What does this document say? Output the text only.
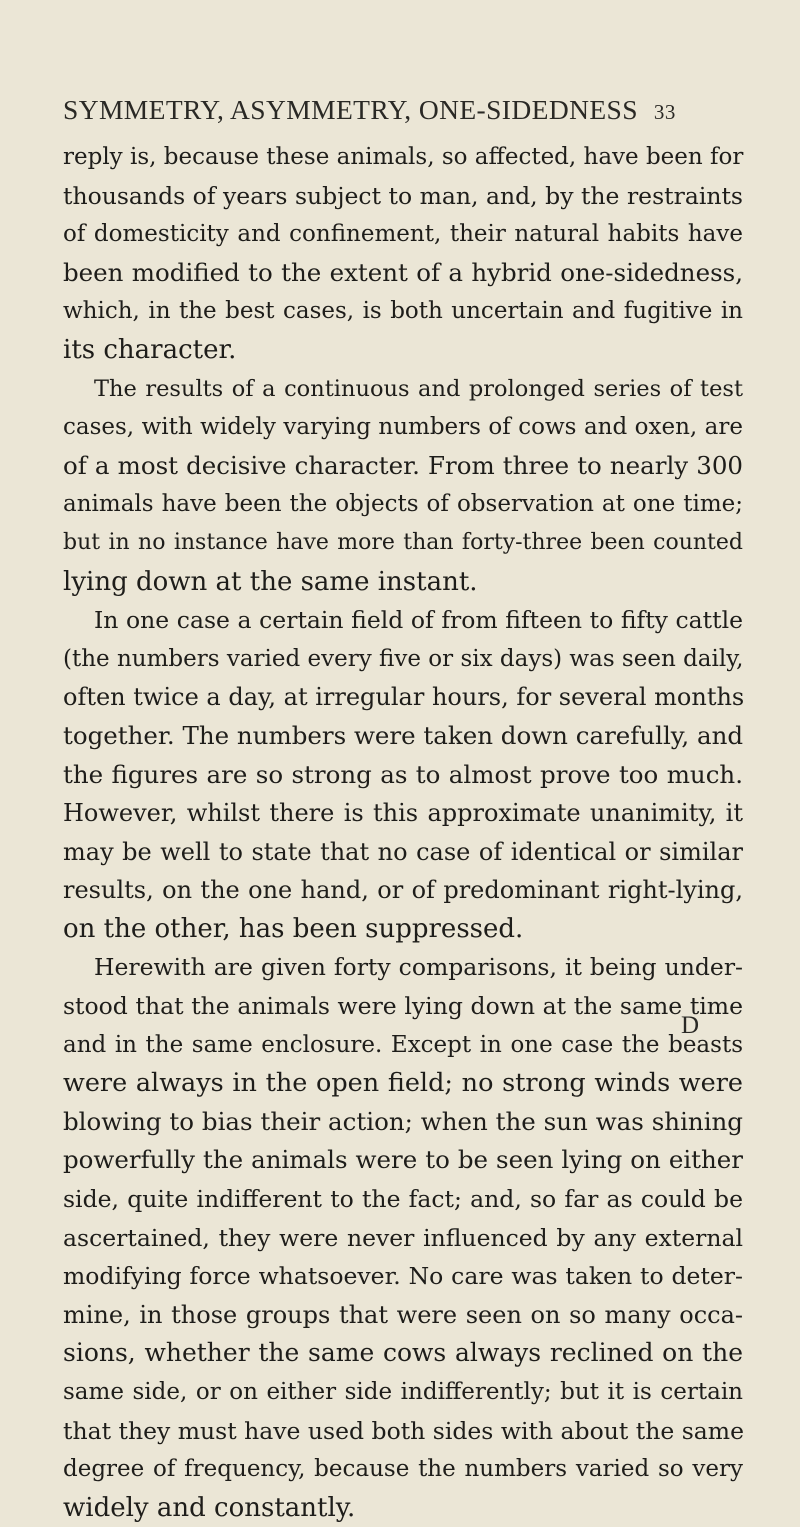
SYMMETRY, ASYMMETRY, ONE-SIDEDNESS 33
reply is, because these animals, so affected, have been for
thousands of years subject to man, and, by the restraints
of domesticity and confinement, their natural habits have
been modified to the extent of a hybrid one-sidedness,
which, in the best cases, is both uncertain and fugitive in
its character.
The results of a continuous and prolonged series of test
cases, with widely varying numbers of cows and oxen, are
of a most decisive character. From three to nearly 300
animals have been the objects of observation at one time;
but in no instance have more than forty-three been counted
lying down at the same instant.
In one case a certain field of from fifteen to fifty cattle
(the numbers varied every five or six days) was seen daily,
often twice a day, at irregular hours, for several months
together. The numbers were taken down carefully, and
the figures are so strong as to almost prove too much.
However, whilst there is this approximate unanimity, it
may be well to state that no case of identical or similar
results, on the one hand, or of predominant right-lying,
on the other, has been suppressed.
Herewith are given forty comparisons, it being under-
stood that the animals were lying down at the same time
and in the same enclosure. Except in one case the beasts
were always in the open field; no strong winds were
blowing to bias their action; when the sun was shining
powerfully the animals were to be seen lying on either
side, quite indifferent to the fact; and, so far as could be
ascertained, they were never influenced by any external
modifying force whatsoever. No care was taken to deter-
mine, in those groups that were seen on so many occa-
sions, whether the same cows always reclined on the
same side, or on either side indifferently; but it is certain
that they must have used both sides with about the same
degree of frequency, because the numbers varied so very
widely and constantly.
D
